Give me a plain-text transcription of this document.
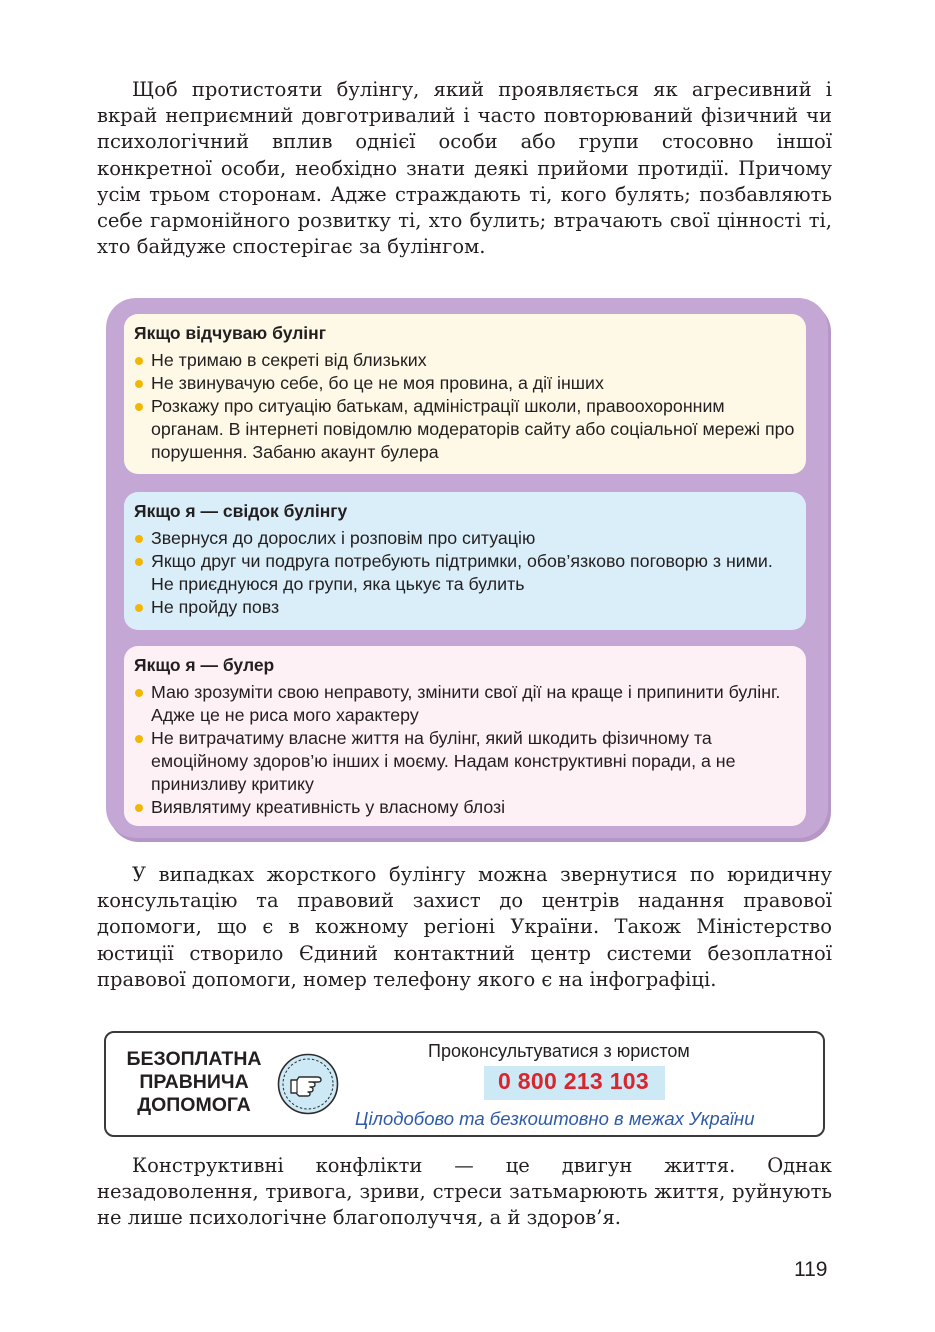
Щоб протистояти булінгу, який проявляється як агресивний і вкрай неприємний довготривалий і часто повторюваний фізичний чи психологічний вплив однієї особи або групи стосовно іншої конкретної особи, необхідно знати деякі прийоми протидії. Причому усім трьом сторонам. Адже страждають ті, кого булять; позбавляють себе гармонійного розвитку ті, хто булить; втрачають свої цінності ті, хто байдуже спостерігає за булінгом.

Якщо відчуваю булінг
Не тримаю в секреті від близьких
Не звинувачую себе, бо це не моя провина, а дії інших
Розкажу про ситуацію батькам, адміністрації школи, правоохоронним органам. В інтернеті повідомлю модераторів сайту або соціальної мережі про порушення. Забаню акаунт булера
Якщо я — свідок булінгу
Звернуся до дорослих і розповім про ситуацію
Якщо друг чи подруга потребують підтримки, обов’язково поговорю з ними. Не приєднуюся до групи, яка цькує та булить
Не пройду повз
Якщо я — булер
Маю зрозуміти свою неправоту, змінити свої дії на краще і припинити булінг. Адже це не риса мого характеру
Не витрачатиму власне життя на булінг, який шкодить фізичному та емоційному здоров’ю інших і моєму. Надам конструктивні поради, а не принизливу критику
Виявлятиму креативність у власному блозі

У випадках жорсткого булінгу можна звернутися по юридичну консультацію та правовий захист до центрів надання правової допомоги, що є в кожному регіоні України. Також Міністерство юстиції створило Єдиний контактний центр системи безоплатної правової допомоги, номер телефону якого є на інфографіці.

БЕЗОПЛАТНА
ПРАВНИЧА
ДОПОМОГА

Проконсультуватися з юристом
0 800 213 103
Цілодобово та безкоштовно в межах України

Конструктивні конфлікти — це двигун життя. Однак незадоволення, тривога, зриви, стреси затьмарюють життя, руйнують не лише психологічне благополуччя, а й здоров’я.

119
